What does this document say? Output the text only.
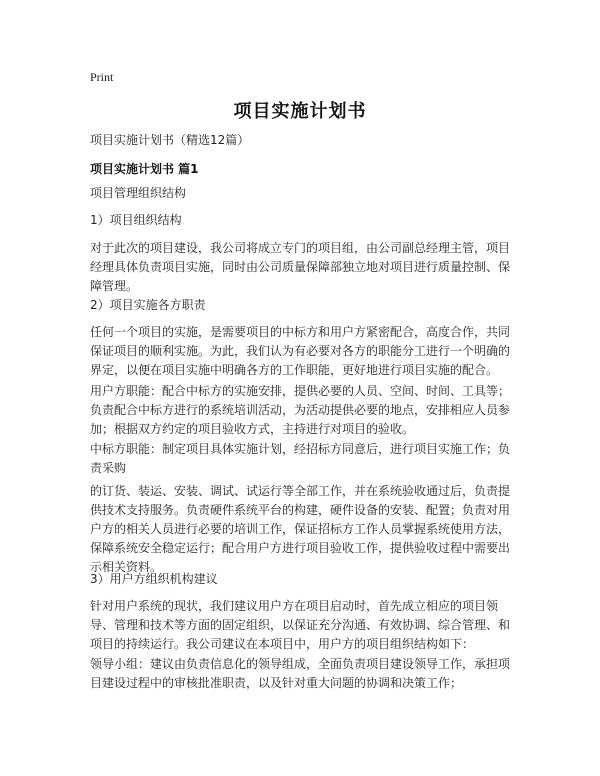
Print
项目实施计划书
项目实施计划书（精选12篇）
项目实施计划书 篇1
项目管理组织结构
1）项目组织结构
对于此次的项目建设，我公司将成立专门的项目组，由公司副总经理主管，项目经理具体负责项目实施，同时由公司质量保障部独立地对项目进行质量控制、保障管理。
2）项目实施各方职责
任何一个项目的实施，是需要项目的中标方和用户方紧密配合，高度合作，共同保证项目的顺利实施。为此，我们认为有必要对各方的职能分工进行一个明确的界定，以便在项目实施中明确各方的工作职能，更好地进行项目实施的配合。
用户方职能：配合中标方的实施安排，提供必要的人员、空间、时间、工具等；负责配合中标方进行的系统培训活动，为活动提供必要的地点，安排相应人员参加；根据双方约定的项目验收方式，主持进行对项目的验收。
中标方职能：制定项目具体实施计划，经招标方同意后，进行项目实施工作；负责采购
的订货、装运、安装、调试、试运行等全部工作，并在系统验收通过后，负责提供技术支持服务。负责硬件系统平台的构建，硬件设备的安装、配置；负责对用户方的相关人员进行必要的培训工作，保证招标方工作人员掌握系统使用方法，保障系统安全稳定运行；配合用户方进行项目验收工作，提供验收过程中需要出示相关资料。
3）用户方组织机构建议
针对用户系统的现状，我们建议用户方在项目启动时，首先成立相应的项目领导、管理和技术等方面的固定组织，以保证充分沟通、有效协调、综合管理、和项目的持续运行。我公司建议在本项目中，用户方的项目组织结构如下：
领导小组：建议由负责信息化的领导组成，全面负责项目建设领导工作，承担项目建设过程中的审核批准职责，以及针对重大问题的协调和决策工作；
